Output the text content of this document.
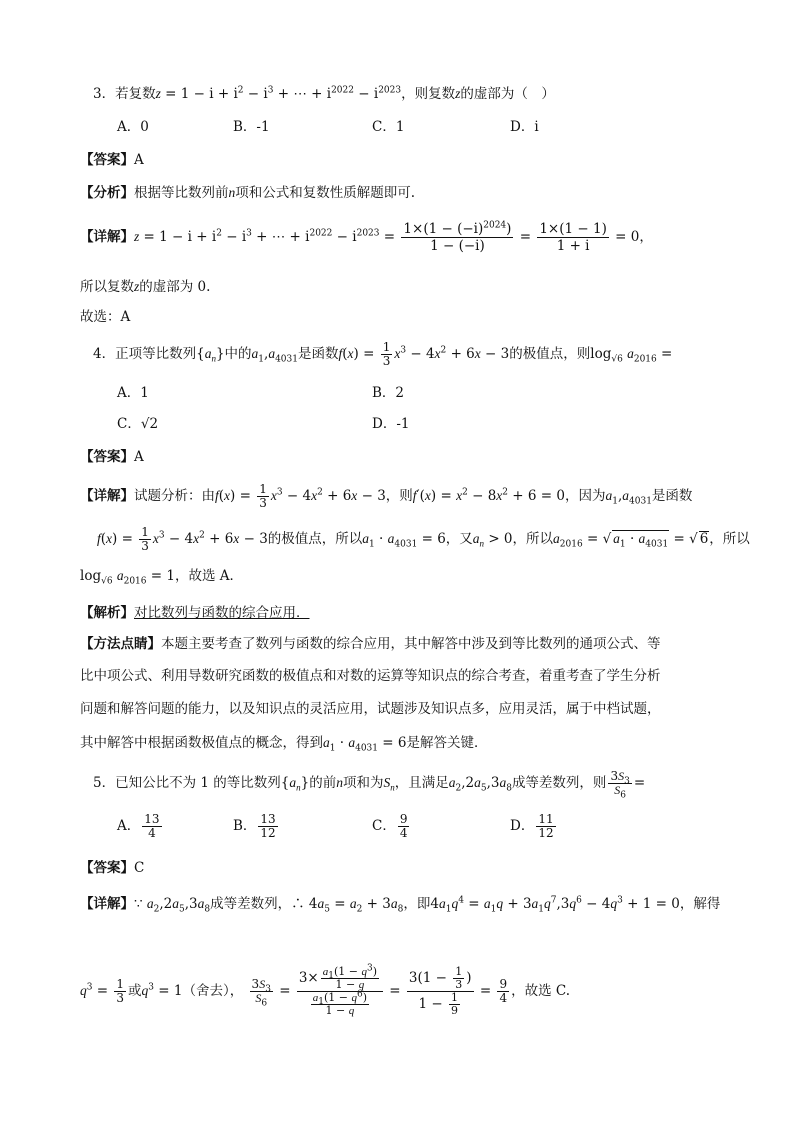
3．若复数$z = 1 - i + i^2 - i^3$ + ⋯ + $i^{2022} - i^{2023}$，则复数z的虚部为（　）
A．0	B．-1	C．1	D．i
【答案】A
【分析】根据等比数列前n项和公式和复数性质解题即可.
【详解】$z = 1 - i + i^2 - i^3$ + ⋯ + $i^{2022} - i^{2023} = \frac{1\times(1 - (-i)^{2024})}{1 - (-i)} = \frac{1\times(1 - 1)}{1 + i} = 0$，
所以复数z的虚部为 0.
故选：A
4．正项等比数列$\{a_n\}$中的$a_1,a_{4031}$是函数$f(x) = \frac{1}{3} x^3 - 4x^2 + 6x - 3$的极值点，则$\log_{√6} a_{2016}$ =
A．1	B．2
C．√2	D．-1
【答案】A
【详解】试题分析：由$f(x) = \frac{1}{3} x^3 - 4x^2 + 6x - 3$，则$f'(x) = x^2 - 8x^2 + 6 = 0$，因为$a_1,a_{4031}$是函数
$f(x) = \frac{1}{3} x^3 - 4x^2 + 6x - 3$的极值点，所以$a_1 \cdot a_{4031} = 6$，又$a_n > 0$，所以$a_{2016}$ = √ $a_1 \cdot a_{4031}$ = √ 6，所以
$\log_{√6} a_{2016} = 1$，故选 A．
【解析】对比数列与函数的综合应用．
【方法点睛】本题主要考查了数列与函数的综合应用，其中解答中涉及到等比数列的通项公式、等
比中项公式、利用导数研究函数的极值点和对数的运算等知识点的综合考查，着重考查了学生分析
问题和解答问题的能力，以及知识点的灵活应用，试题涉及知识点多，应用灵活，属于中档试题，
其中解答中根据函数极值点的概念，得到$a_1 \cdot a_{4031} = 6$是解答关键．
5．已知公比不为 1 的等比数列$\{a_n\}$的前n项和为$S_n$，且满足$a_2,2a_5,3a_8$成等差数列，则 $\frac{3S_3}{S_6}$ =
A． $\frac{13}{4}$	B． $\frac{13}{12}$	C． $\frac{9}{4}$	D． $\frac{11}{12}$
【答案】C
【详解】∵ $a_2,2a_5,3a_8$成等差数列，∴ $4a_5 = a_2 + 3a_8$，即$4a_1q^4 = a_1q + 3a_1q^7,3q^6 - 4q^3 + 1 = 0$，解得
$q^3 = \frac{1}{3}$ 或$q^3 = 1$（舍去）， $\frac{3S_3}{S_6} = \frac{3\times \frac{a_1(1 - q^3)}{1 - q}}{\frac{a_1(1 - q^6)}{1 - q}} = \frac{3(1 - \frac{1}{3} )}{1 - \frac{1}{9}} = \frac{9}{4}$ ，故选 C.
